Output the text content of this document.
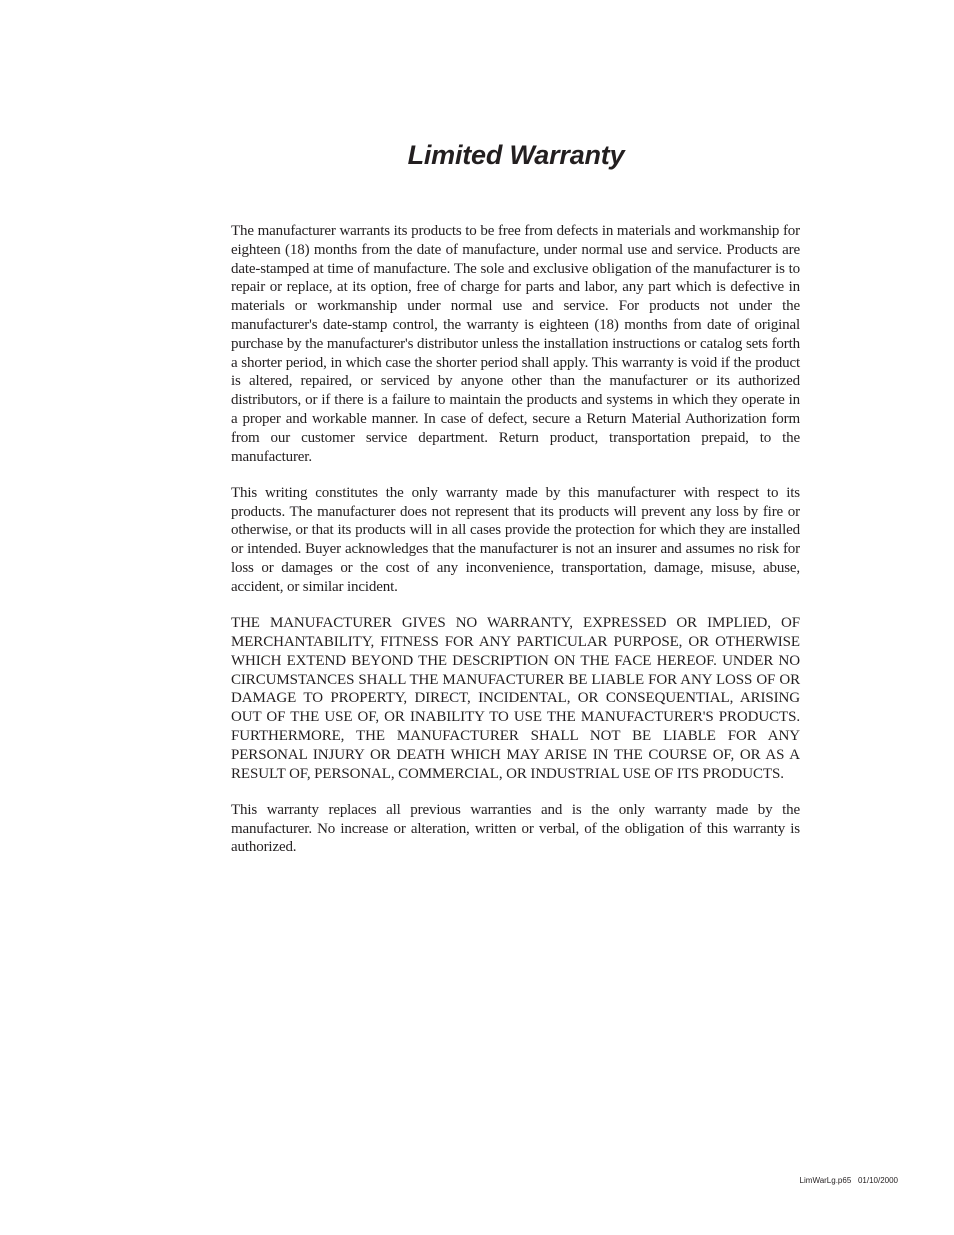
Limited Warranty

The manufacturer warrants its products to be free from defects in materials and workmanship for eighteen (18) months from the date of manufacture, under normal use and service. Products are date-stamped at time of manufacture. The sole and exclusive obligation of the manufacturer is to repair or replace, at its option, free of charge for parts and labor, any part which is defective in materials or workmanship under normal use and service. For products not under the manufacturer's date-stamp control, the warranty is eighteen (18) months from date of original purchase by the manufacturer's distributor unless the installation instructions or catalog sets forth a shorter period, in which case the shorter period shall apply. This warranty is void if the product is altered, repaired, or serviced by anyone other than the manufacturer or its authorized distributors, or if there is a failure to maintain the products and systems in which they operate in a proper and workable manner. In case of defect, secure a Return Material Authorization form from our customer service department. Return product, transportation prepaid, to the manufacturer.

This writing constitutes the only warranty made by this manufacturer with respect to its products. The manufacturer does not represent that its products will prevent any loss by fire or otherwise, or that its products will in all cases provide the protection for which they are installed or intended. Buyer acknowledges that the manufacturer is not an insurer and assumes no risk for loss or damages or the cost of any inconvenience, transportation, damage, misuse, abuse, accident, or similar incident.

THE MANUFACTURER GIVES NO WARRANTY, EXPRESSED OR IMPLIED, OF MERCHANTABILITY, FITNESS FOR ANY PARTICULAR PURPOSE, OR OTHERWISE WHICH EXTEND BEYOND THE DESCRIPTION ON THE FACE HEREOF. UNDER NO CIRCUMSTANCES SHALL THE MANUFACTURER BE LIABLE FOR ANY LOSS OF OR DAMAGE TO PROPERTY, DIRECT, INCIDENTAL, OR CONSEQUENTIAL, ARISING OUT OF THE USE OF, OR INABILITY TO USE THE MANUFACTURER'S PRODUCTS. FURTHERMORE, THE MANUFACTURER SHALL NOT BE LIABLE FOR ANY PERSONAL INJURY OR DEATH WHICH MAY ARISE IN THE COURSE OF, OR AS A RESULT OF, PERSONAL, COMMERCIAL, OR INDUSTRIAL USE OF ITS PRODUCTS.

This warranty replaces all previous warranties and is the only warranty made by the manufacturer. No increase or alteration, written or verbal, of the obligation of this warranty is authorized.

LimWarLg.p65 01/10/2000
